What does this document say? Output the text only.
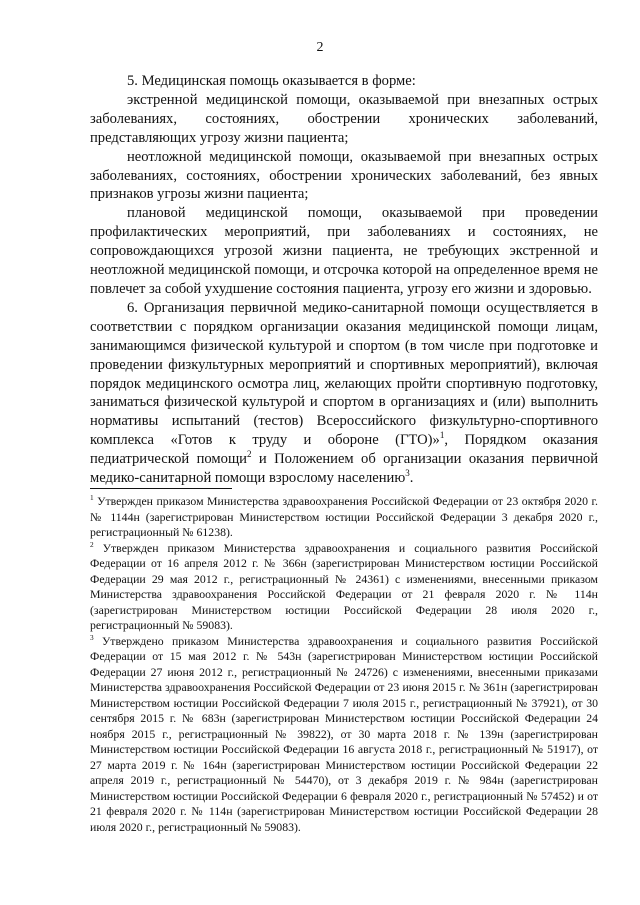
2

5. Медицинская помощь оказывается в форме:

экстренной медицинской помощи, оказываемой при внезапных острых заболеваниях, состояниях, обострении хронических заболеваний, представляющих угрозу жизни пациента;

неотложной медицинской помощи, оказываемой при внезапных острых заболеваниях, состояниях, обострении хронических заболеваний, без явных признаков угрозы жизни пациента;

плановой медицинской помощи, оказываемой при проведении профилактических мероприятий, при заболеваниях и состояниях, не сопровождающихся угрозой жизни пациента, не требующих экстренной и неотложной медицинской помощи, и отсрочка которой на определенное время не повлечет за собой ухудшение состояния пациента, угрозу его жизни и здоровью.

6. Организация первичной медико-санитарной помощи осуществляется в соответствии с порядком организации оказания медицинской помощи лицам, занимающимся физической культурой и спортом (в том числе при подготовке и проведении физкультурных мероприятий и спортивных мероприятий), включая порядок медицинского осмотра лиц, желающих пройти спортивную подготовку, заниматься физической культурой и спортом в организациях и (или) выполнить нормативы испытаний (тестов) Всероссийского физкультурно-спортивного комплекса «Готов к труду и обороне (ГТО)»$^1$, Порядком оказания педиатрической помощи$^2$ и Положением об организации оказания первичной медико-санитарной помощи взрослому населению$^3$.

$^1$ Утвержден приказом Министерства здравоохранения Российской Федерации от 23 октября 2020 г. № 1144н (зарегистрирован Министерством юстиции Российской Федерации 3 декабря 2020 г., регистрационный № 61238).

$^2$ Утвержден приказом Министерства здравоохранения и социального развития Российской Федерации от 16 апреля 2012 г. № 366н (зарегистрирован Министерством юстиции Российской Федерации 29 мая 2012 г., регистрационный № 24361) с изменениями, внесенными приказом Министерства здравоохранения Российской Федерации от 21 февраля 2020 г. № 114н (зарегистрирован Министерством юстиции Российской Федерации 28 июля 2020 г., регистрационный № 59083).

$^3$ Утверждено приказом Министерства здравоохранения и социального развития Российской Федерации от 15 мая 2012 г. № 543н (зарегистрирован Министерством юстиции Российской Федерации 27 июня 2012 г., регистрационный № 24726) с изменениями, внесенными приказами Министерства здравоохранения Российской Федерации от 23 июня 2015 г. № 361н (зарегистрирован Министерством юстиции Российской Федерации 7 июля 2015 г., регистрационный № 37921), от 30 сентября 2015 г. № 683н (зарегистрирован Министерством юстиции Российской Федерации 24 ноября 2015 г., регистрационный № 39822), от 30 марта 2018 г. № 139н (зарегистрирован Министерством юстиции Российской Федерации 16 августа 2018 г., регистрационный № 51917), от 27 марта 2019 г. № 164н (зарегистрирован Министерством юстиции Российской Федерации 22 апреля 2019 г., регистрационный № 54470), от 3 декабря 2019 г. № 984н (зарегистрирован Министерством юстиции Российской Федерации 6 февраля 2020 г., регистрационный № 57452) и от 21 февраля 2020 г. № 114н (зарегистрирован Министерством юстиции Российской Федерации 28 июля 2020 г., регистрационный № 59083).
